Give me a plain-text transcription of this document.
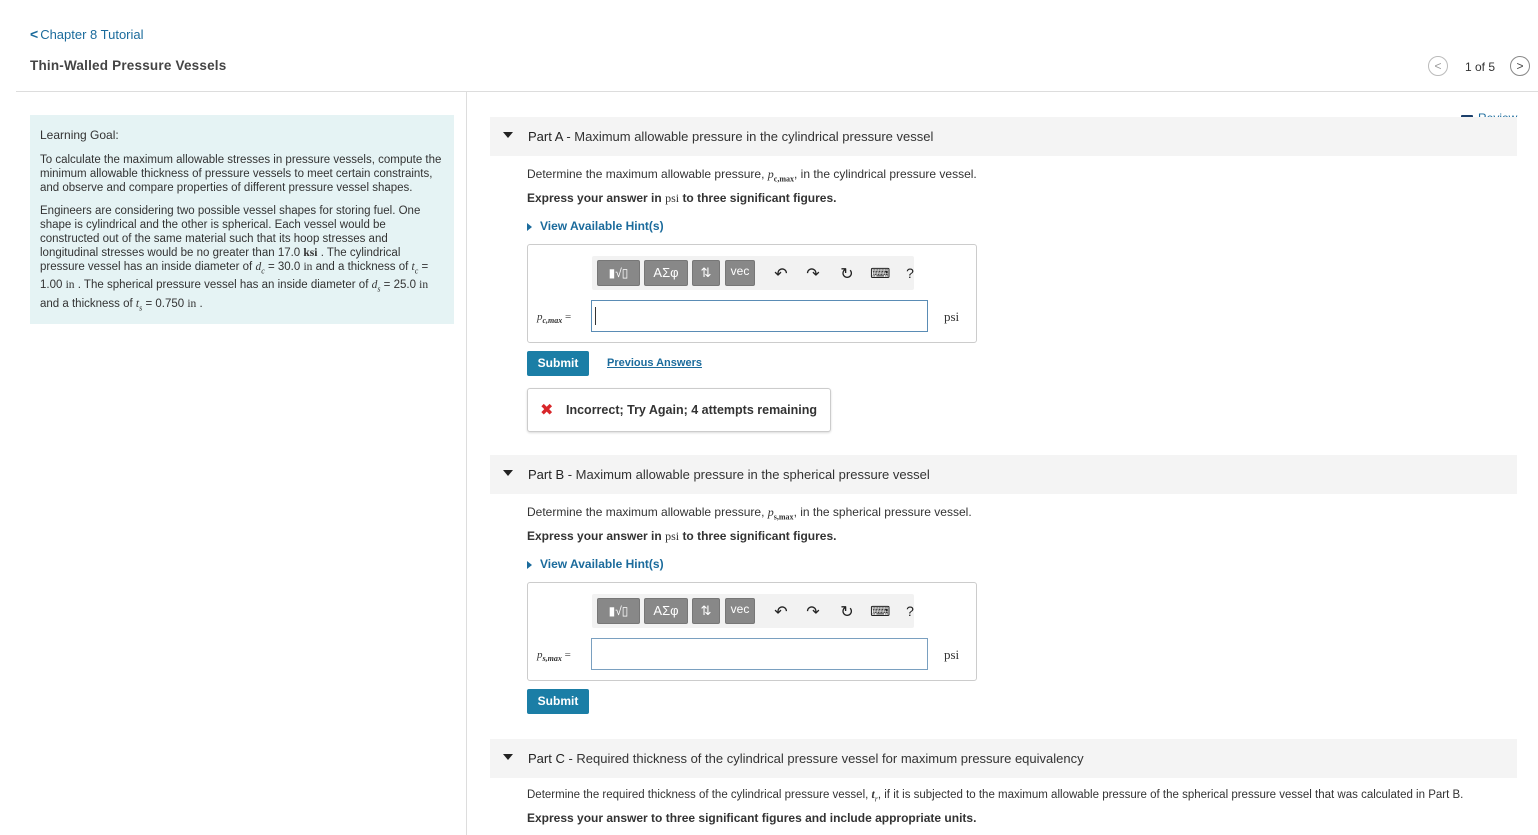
< Chapter 8 Tutorial
Thin-Walled Pressure Vessels	<	1 of 5	>
Learning Goal:

To calculate the maximum allowable stresses in pressure vessels, compute the minimum allowable thickness of pressure vessels to meet certain constraints, and observe and compare properties of different pressure vessel shapes.

Engineers are considering two possible vessel shapes for storing fuel. One shape is cylindrical and the other is spherical. Each vessel would be constructed out of the same material such that its hoop stresses and longitudinal stresses would be no greater than 17.0 ksi . The cylindrical pressure vessel has an inside diameter of $d_c = 30.0$ in and a thickness of $t_c = 1.00$ in . The spherical pressure vessel has an inside diameter of $d_s = 25.0$ in and a thickness of $t_s = 0.750$ in .

Part A - Maximum allowable pressure in the cylindrical pressure vessel
Determine the maximum allowable pressure, $p_{c,max}$, in the cylindrical pressure vessel.
Express your answer in psi to three significant figures.
View Available Hint(s)
▮√▯	ΑΣφ	⇅	vec	↶ ↷ ↻ ⌨ ?
$p_{c,max}$ =	psi
Submit	Previous Answers
✖ Incorrect; Try Again; 4 attempts remaining
Part B - Maximum allowable pressure in the spherical pressure vessel
Determine the maximum allowable pressure, $p_{s,max}$, in the spherical pressure vessel.
Express your answer in psi to three significant figures.
View Available Hint(s)
▮√▯	ΑΣφ	⇅	vec	↶ ↷ ↻ ⌨ ?
$p_{s,max}$ =	psi
Submit
Part C - Required thickness of the cylindrical pressure vessel for maximum pressure equivalency
Determine the required thickness of the cylindrical pressure vessel, $t_r$, if it is subjected to the maximum allowable pressure of the spherical pressure vessel that was calculated in Part B.
Express your answer to three significant figures and include appropriate units.
